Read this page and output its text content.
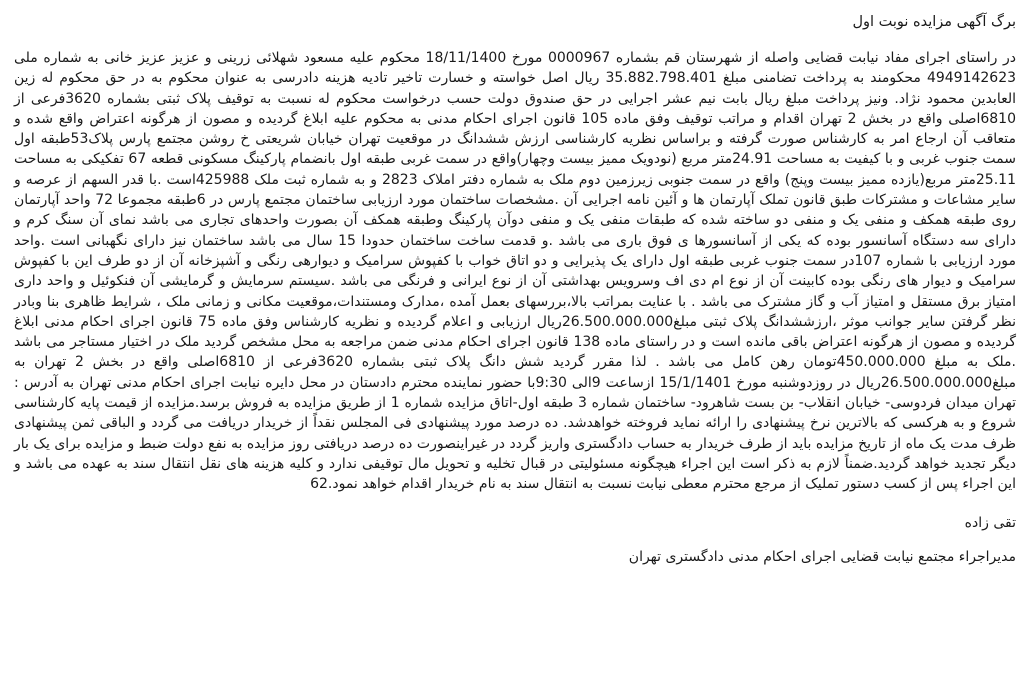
برگ آگهی مزایده نوبت اول

در راستای اجرای مفاد نیابت قضایی واصله از شهرستان قم بشماره 0000967 مورخ 18/11/1400 محکوم علیه مسعود شهلائی زرینی و عزیز عزیز خانی به شماره ملی 4949142623 محکومند به پرداخت تضامنی مبلغ 35.882.798.401 ریال اصل خواسته و خسارت تاخیر تادیه هزینه دادرسی به عنوان محکوم به در حق محکوم له زین العابدین محمود نژاد. ونیز پرداخت مبلغ ریال بابت نیم عشر اجرایی در حق صندوق دولت حسب درخواست محکوم له نسبت به توقیف پلاک ثبتی بشماره 3620فرعی از 6810اصلی واقع در بخش 2 تهران اقدام و مراتب توقیف وفق ماده 105 قانون اجرای احکام مدنی به محکوم علیه ابلاغ گردیده و مصون از هرگونه اعتراض واقع شده و متعاقب آن ارجاع امر به کارشناس صورت گرفته و براساس نظریه کارشناسی ارزش ششدانگ در موقعیت تهران خیابان شریعتی خ روشن مجتمع پارس پلاک53طبقه اول سمت جنوب غربی و با کیفیت به مساحت 24.91متر مربع (نودویک ممیز بیست وچهار)واقع در سمت غربی طبقه اول بانضمام پارکینگ مسکونی قطعه 67 تفکیکی به مساحت 25.11متر مربع(یازده ممیز بیست وپنج) واقع در سمت جنوبی زیرزمین دوم ملک به شماره دفتر املاک 2823 و به شماره ثبت ملک 425988است .با قدر السهم از عرصه و سایر مشاعات و مشترکات طبق قانون تملک آپارتمان ها و آئین نامه اجرایی آن .مشخصات ساختمان مورد ارزیابی ساختمان مجتمع پارس در 6طبقه مجموعا 72 واحد آپارتمان روی طبقه همکف و منفی یک و منفی دو ساخته شده که طبقات منفی یک و منفی دوآن پارکینگ وطبقه همکف آن بصورت واحدهای تجاری می باشد نمای آن سنگ کرم و دارای سه دستگاه آسانسور بوده که یکی از آسانسورها ی فوق باری می باشد .و قدمت ساخت ساختمان حدودا 15 سال می باشد ساختمان نیز دارای نگهبانی است .واحد مورد ارزیابی با شماره 107در سمت جنوب غربی طبقه اول دارای یک پذیرایی و دو اتاق خواب با کفپوش سرامیک و دیوارهی رنگی و آشپزخانه آن از دو طرف این با کفپوش سرامیک و دیوار های رنگی بوده کابینت آن از نوع ام دی اف وسرویس بهداشتی آن از نوع ایرانی و فرنگی می باشد .سیستم سرمایش و گرمایشی آن فنکوئیل و واحد داری امتیاز برق مستقل و امتیاز آب و گاز مشترک می باشد . با عنایت بمراتب بالا،بررسهای بعمل آمده ،مدارک ومستندات،موقعیت مکانی و زمانی ملک ، شرایط ظاهری بنا وبادر نظر گرفتن سایر جوانب موثر ،ارزششدانگ پلاک ثبتی مبلغ26.500.000.000ریال ارزیابی و اعلام گردیده و نظریه کارشناس وفق ماده 75 قانون اجرای احکام مدنی ابلاغ گردیده و مصون از هرگونه اعتراض باقی مانده است و در راستای ماده 138 قانون اجرای احکام مدنی ضمن مراجعه به محل مشخص گردید ملک در اختیار مستاجر می باشد .ملک به مبلغ 450.000.000تومان رهن کامل می باشد . لذا مقرر گردید شش دانگ پلاک ثبتی بشماره 3620فرعی از 6810اصلی واقع در بخش 2 تهران به مبلغ26.500.000.000ریال در روزدوشنبه مورخ 15/1/1401 ازساعت 9الی 9:30با حضور نماینده محترم دادستان در محل دایره نیابت اجرای احکام مدنی تهران به آدرس : تهران میدان فردوسی- خیابان انقلاب- بن بست شاهرود- ساختمان شماره 3 طبقه اول-اتاق مزایده شماره 1 از طریق مزایده به فروش برسد.مزایده از قیمت پایه کارشناسی شروع و به هرکسی که بالاترین نرخ پیشنهادی را ارائه نماید فروخته خواهدشد. ده درصد مورد پیشنهادی فی المجلس نقداً از خریدار دریافت می گردد و الباقی ثمن پیشنهادی ظرف مدت یک ماه از تاریخ مزایده باید از طرف خریدار به حساب دادگستری واریز گردد در غیراینصورت ده درصد دریافتی روز مزایده به نفع دولت ضبط و مزایده برای یک بار دیگر تجدید خواهد گردید.ضمناً لازم به ذکر است این اجراء هیچگونه مسئولیتی در قبال تخلیه و تحویل مال توقیفی ندارد و کلیه هزینه های نقل انتقال سند به عهده می باشد و این اجراء پس از کسب دستور تملیک از مرجع محترم معطی نیابت نسبت به انتقال سند به نام خریدار اقدام خواهد نمود.62

تقی زاده
مدیراجراء مجتمع نیابت قضایی اجرای احکام مدنی دادگستری تهران
